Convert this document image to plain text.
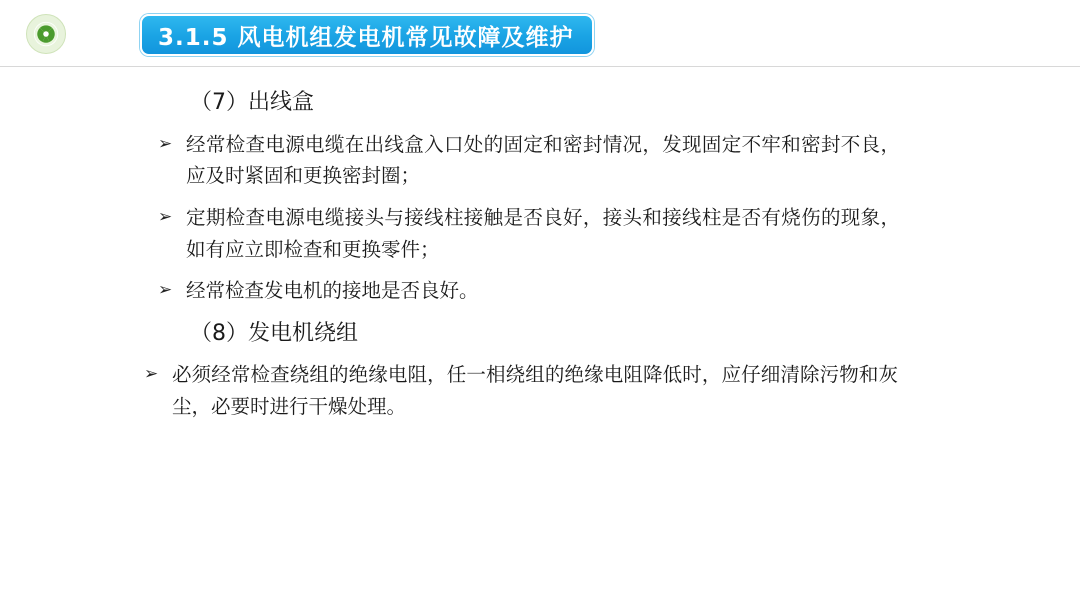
3.1.5 风电机组发电机常见故障及维护

（7）出线盒

➢ 经常检查电源电缆在出线盒入口处的固定和密封情况，发现固定不牢和密封不良，应及时紧固和更换密封圈；
➢ 定期检查电源电缆接头与接线柱接触是否良好，接头和接线柱是否有烧伤的现象，如有应立即检查和更换零件；
➢ 经常检查发电机的接地是否良好。

（8）发电机绕组

➢ 必须经常检查绕组的绝缘电阻，任一相绕组的绝缘电阻降低时，应仔细清除污物和灰尘，必要时进行干燥处理。
